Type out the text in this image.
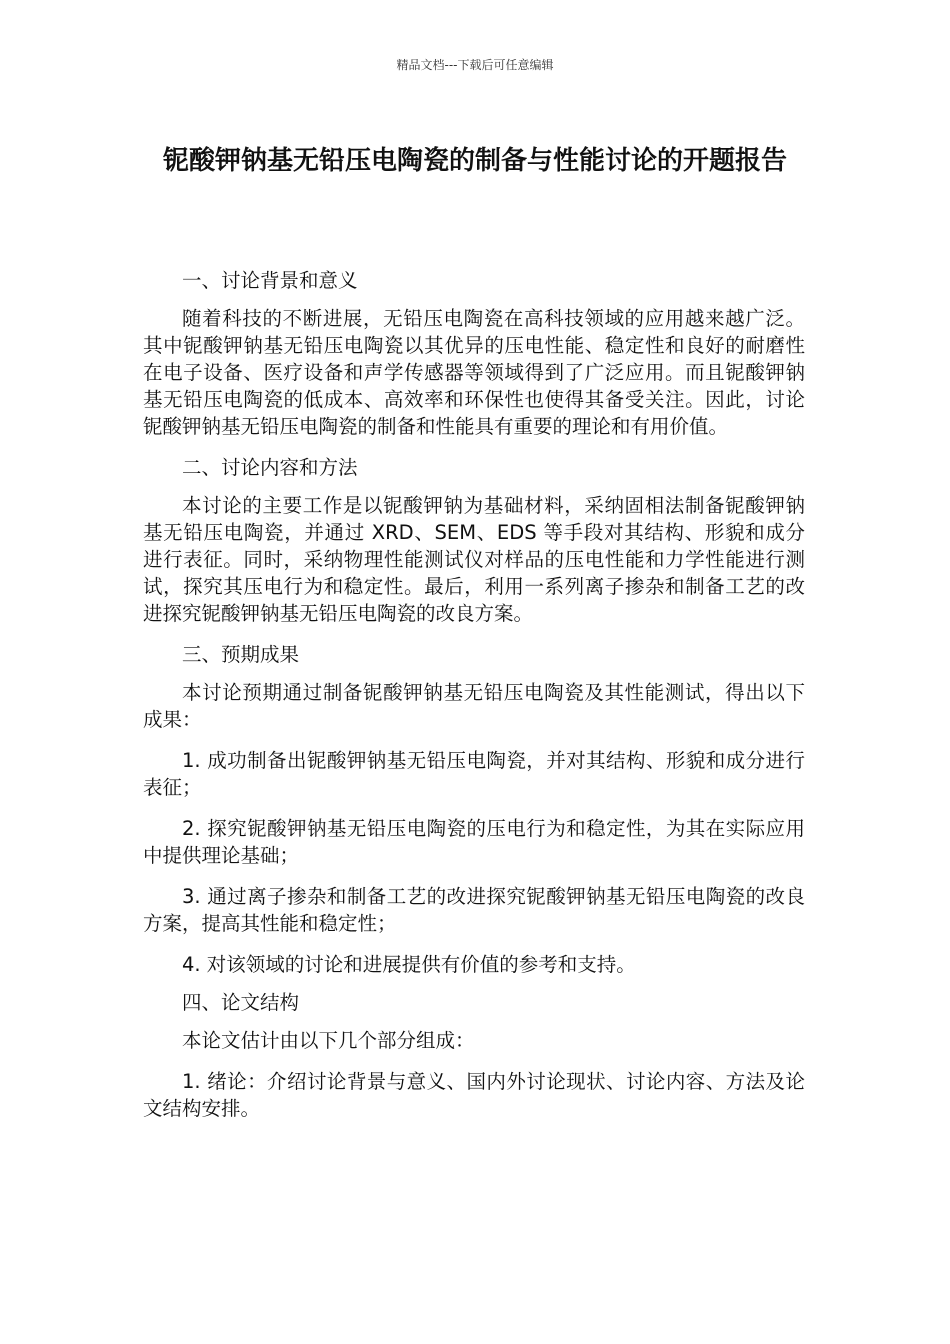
精品文档---下载后可任意编辑
铌酸钾钠基无铅压电陶瓷的制备与性能讨论的开题报告

一、讨论背景和意义

随着科技的不断进展，无铅压电陶瓷在高科技领域的应用越来越广泛。其中铌酸钾钠基无铅压电陶瓷以其优异的压电性能、稳定性和良好的耐磨性在电子设备、医疗设备和声学传感器等领域得到了广泛应用。而且铌酸钾钠基无铅压电陶瓷的低成本、高效率和环保性也使得其备受关注。因此，讨论铌酸钾钠基无铅压电陶瓷的制备和性能具有重要的理论和有用价值。

二、讨论内容和方法

本讨论的主要工作是以铌酸钾钠为基础材料，采纳固相法制备铌酸钾钠基无铅压电陶瓷，并通过 XRD、SEM、EDS 等手段对其结构、形貌和成分进行表征。同时，采纳物理性能测试仪对样品的压电性能和力学性能进行测试，探究其压电行为和稳定性。最后，利用一系列离子掺杂和制备工艺的改进探究铌酸钾钠基无铅压电陶瓷的改良方案。

三、预期成果

本讨论预期通过制备铌酸钾钠基无铅压电陶瓷及其性能测试，得出以下成果：

1. 成功制备出铌酸钾钠基无铅压电陶瓷，并对其结构、形貌和成分进行表征；

2. 探究铌酸钾钠基无铅压电陶瓷的压电行为和稳定性，为其在实际应用中提供理论基础；

3. 通过离子掺杂和制备工艺的改进探究铌酸钾钠基无铅压电陶瓷的改良方案，提高其性能和稳定性；

4. 对该领域的讨论和进展提供有价值的参考和支持。

四、论文结构

本论文估计由以下几个部分组成：

1. 绪论：介绍讨论背景与意义、国内外讨论现状、讨论内容、方法及论文结构安排。
